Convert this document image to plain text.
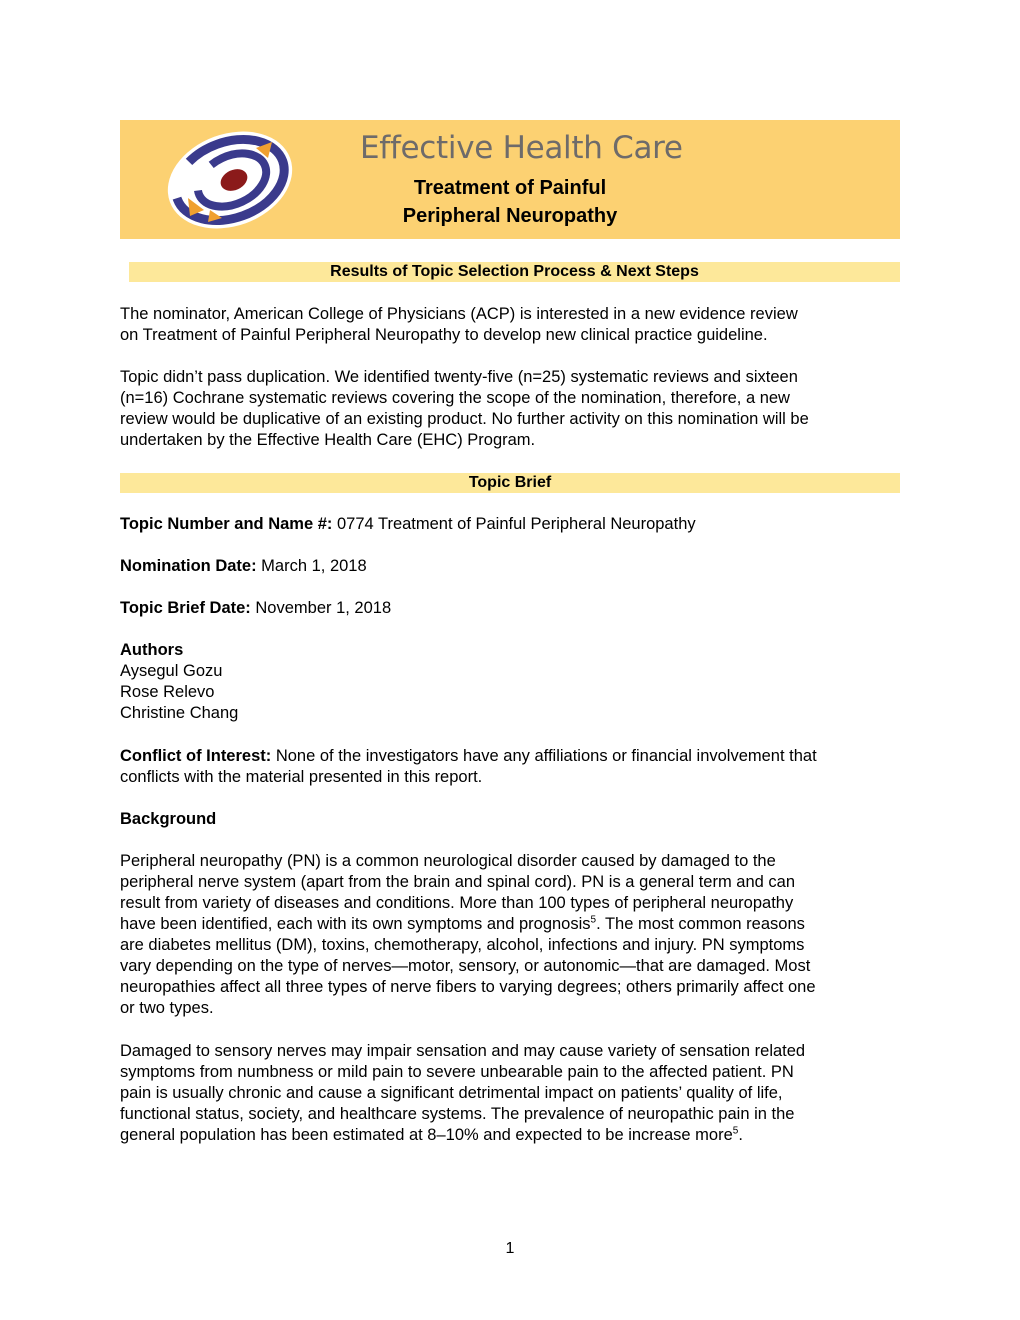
Effective Health Care
Treatment of Painful
Peripheral Neuropathy
Results of Topic Selection Process & Next Steps

The nominator, American College of Physicians (ACP) is interested in a new evidence review
on Treatment of Painful Peripheral Neuropathy to develop new clinical practice guideline.

Topic didn’t pass duplication. We identified twenty-five (n=25) systematic reviews and sixteen
(n=16) Cochrane systematic reviews covering the scope of the nomination, therefore, a new
review would be duplicative of an existing product. No further activity on this nomination will be
undertaken by the Effective Health Care (EHC) Program.

Topic Brief

Topic Number and Name #: 0774 Treatment of Painful Peripheral Neuropathy

Nomination Date: March 1, 2018

Topic Brief Date: November 1, 2018

Authors
Aysegul Gozu
Rose Relevo
Christine Chang

Conflict of Interest: None of the investigators have any affiliations or financial involvement that
conflicts with the material presented in this report.

Background

Peripheral neuropathy (PN) is a common neurological disorder caused by damaged to the
peripheral nerve system (apart from the brain and spinal cord). PN is a general term and can
result from variety of diseases and conditions. More than 100 types of peripheral neuropathy
have been identified, each with its own symptoms and prognosis$^5$. The most common reasons
are diabetes mellitus (DM), toxins, chemotherapy, alcohol, infections and injury. PN symptoms
vary depending on the type of nerves—motor, sensory, or autonomic—that are damaged. Most
neuropathies affect all three types of nerve fibers to varying degrees; others primarily affect one
or two types.

Damaged to sensory nerves may impair sensation and may cause variety of sensation related
symptoms from numbness or mild pain to severe unbearable pain to the affected patient. PN
pain is usually chronic and cause a significant detrimental impact on patients’ quality of life,
functional status, society, and healthcare systems. The prevalence of neuropathic pain in the
general population has been estimated at 8–10% and expected to be increase more$^5$.

1
